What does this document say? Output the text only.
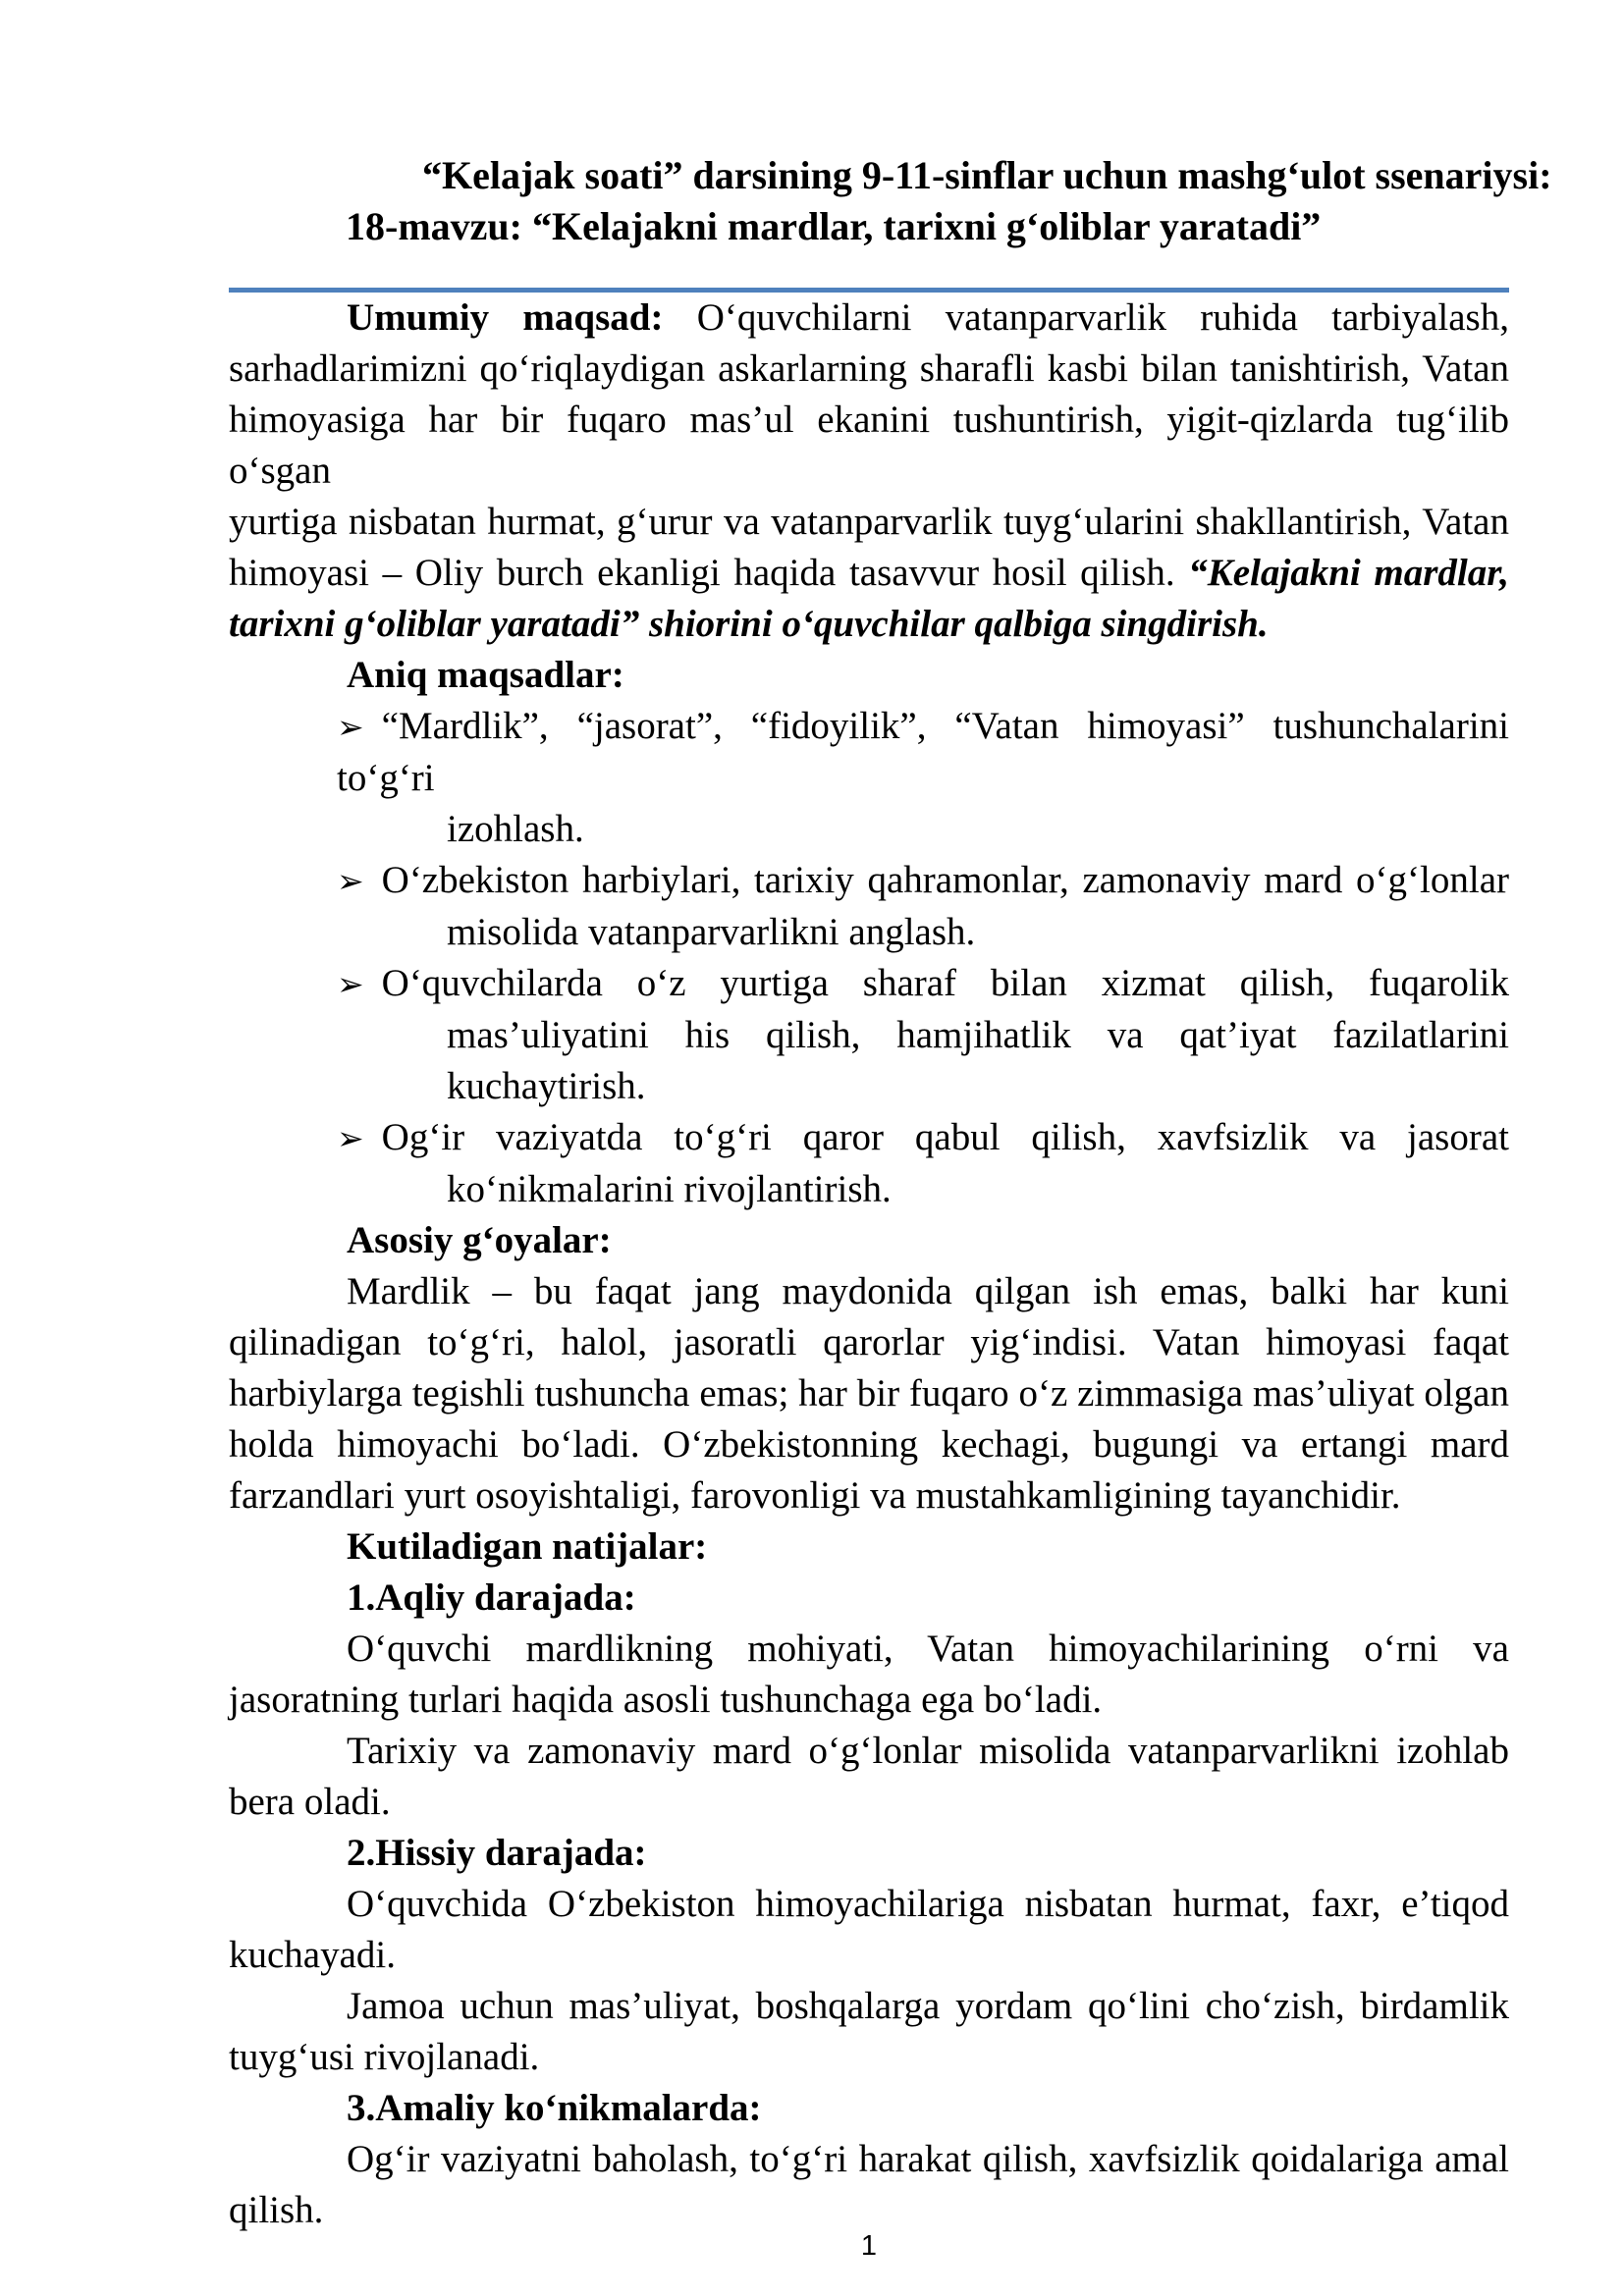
“Kelajak soati” darsining 9-11-sinflar uchun mashg‘ulot ssenariysi:
18-mavzu: “Kelajakni mardlar, tarixni g‘oliblar yaratadi”
Umumiy maqsad: O‘quvchilarni vatanparvarlik ruhida tarbiyalash,
sarhadlarimizni qo‘riqlaydigan askarlarning sharafli kasbi bilan tanishtirish, Vatan
himoyasiga har bir fuqaro mas’ul ekanini tushuntirish, yigit-qizlarda tug‘ilib o‘sgan
yurtiga nisbatan hurmat, g‘urur va vatanparvarlik tuyg‘ularini shakllantirish, Vatan
himoyasi – Oliy burch ekanligi haqida tasavvur hosil qilish. “Kelajakni mardlar,
tarixni g‘oliblar yaratadi” shiorini o‘quvchilar qalbiga singdirish.
Aniq maqsadlar:
➢ “Mardlik”, “jasorat”, “fidoyilik”, “Vatan himoyasi” tushunchalarini to‘g‘ri
izohlash.
➢ O‘zbekiston harbiylari, tarixiy qahramonlar, zamonaviy mard o‘g‘lonlar
misolida vatanparvarlikni anglash.
➢ O‘quvchilarda o‘z yurtiga sharaf bilan xizmat qilish, fuqarolik
mas’uliyatini his qilish, hamjihatlik va qat’iyat fazilatlarini
kuchaytirish.
➢ Og‘ir vaziyatda to‘g‘ri qaror qabul qilish, xavfsizlik va jasorat
ko‘nikmalarini rivojlantirish.
Asosiy g‘oyalar:
Mardlik – bu faqat jang maydonida qilgan ish emas, balki har kuni
qilinadigan to‘g‘ri, halol, jasoratli qarorlar yig‘indisi. Vatan himoyasi faqat
harbiylarga tegishli tushuncha emas; har bir fuqaro o‘z zimmasiga mas’uliyat olgan
holda himoyachi bo‘ladi. O‘zbekistonning kechagi, bugungi va ertangi mard
farzandlari yurt osoyishtaligi, farovonligi va mustahkamligining tayanchidir.
Kutiladigan natijalar:
1.Aqliy darajada:
O‘quvchi mardlikning mohiyati, Vatan himoyachilarining o‘rni va
jasoratning turlari haqida asosli tushunchaga ega bo‘ladi.
Tarixiy va zamonaviy mard o‘g‘lonlar misolida vatanparvarlikni izohlab
bera oladi.
2.Hissiy darajada:
O‘quvchida O‘zbekiston himoyachilariga nisbatan hurmat, faxr, e’tiqod
kuchayadi.
Jamoa uchun mas’uliyat, boshqalarga yordam qo‘lini cho‘zish, birdamlik
tuyg‘usi rivojlanadi.
3.Amaliy ko‘nikmalarda:
Og‘ir vaziyatni baholash, to‘g‘ri harakat qilish, xavfsizlik qoidalariga amal
qilish.
1
